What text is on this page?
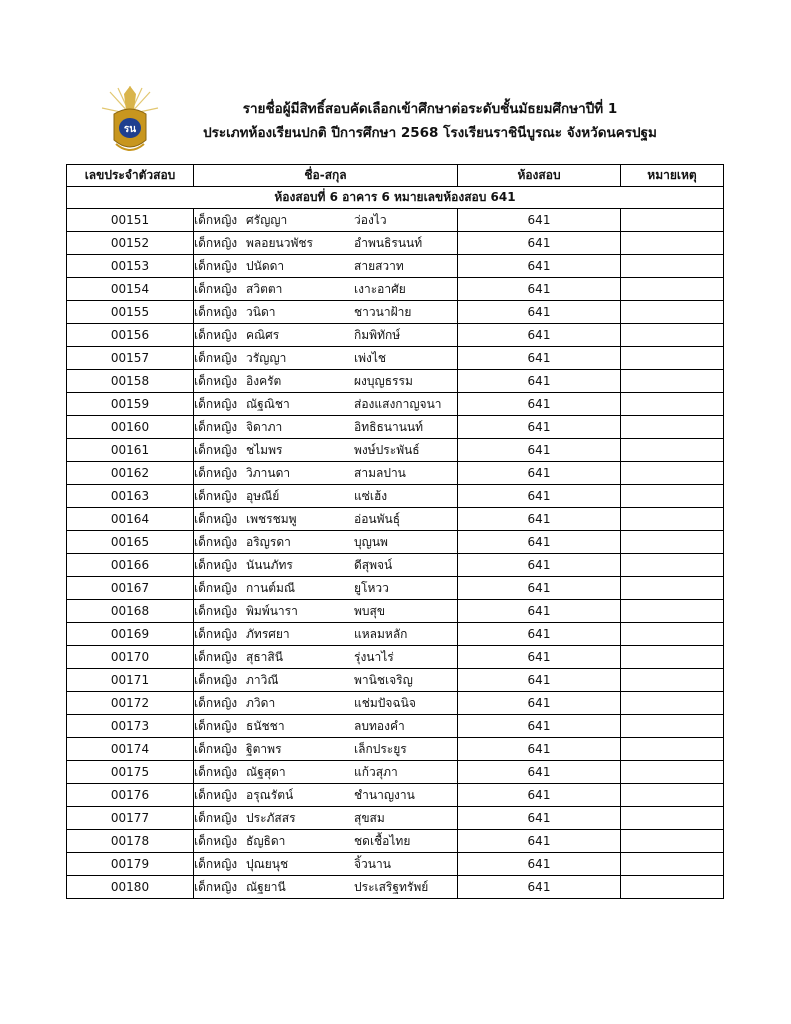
รน
รายชื่อผู้มีสิทธิ์สอบคัดเลือกเข้าศึกษาต่อระดับชั้นมัธยมศึกษาปีที่ 1
ประเภทห้องเรียนปกติ ปีการศึกษา 2568 โรงเรียนราชินีบูรณะ จังหวัดนครปฐม
เลขประจำตัวสอบ	ชื่อ-สกุล	ห้องสอบ	หมายเหตุ
ห้องสอบที่ 6 อาคาร 6 หมายเลขห้องสอบ 641			
00151	เด็กหญิง ศรัญญา ว่องไว	641	
00152	เด็กหญิง พลอยนวพัชร อำพนธิรนนท์	641	
00153	เด็กหญิง ปนัดดา สายสวาท	641	
00154	เด็กหญิง สวิตตา เงาะอาศัย	641	
00155	เด็กหญิง วนิดา ชาวนาฝ้าย	641	
00156	เด็กหญิง คณิศร กิมพิทักษ์	641	
00157	เด็กหญิง วรัญญา เพ่งไช	641	
00158	เด็กหญิง อิงครัต ผงบุญธรรม	641	
00159	เด็กหญิง ณัฐณิชา ส่องแสงกาญจนา	641	
00160	เด็กหญิง จิดาภา อิทธิธนานนท์	641	
00161	เด็กหญิง ชไมพร พงษ์ประพันธ์	641	
00162	เด็กหญิง วิภานดา สามลปาน	641	
00163	เด็กหญิง อุษณีย์ แซ่เฮ้ง	641	
00164	เด็กหญิง เพชรชมพู อ่อนพันธุ์	641	
00165	เด็กหญิง อริญรดา บุญนพ	641	
00166	เด็กหญิง นันนภัทร ดีสุพจน์	641	
00167	เด็กหญิง กานต์มณี ยูโหวว	641	
00168	เด็กหญิง พิมพ์นารา พบสุข	641	
00169	เด็กหญิง ภัทรศยา แหลมหลัก	641	
00170	เด็กหญิง สุธาสินี รุ่งนาไร่	641	
00171	เด็กหญิง ภาวิณี พานิชเจริญ	641	
00172	เด็กหญิง ภวิดา แช่มปัจฉนิจ	641	
00173	เด็กหญิง ธนัชชา ลบทองคำ	641	
00174	เด็กหญิง ฐิตาพร เล็กประยูร	641	
00175	เด็กหญิง ณัฐสุดา แก้วสุภา	641	
00176	เด็กหญิง อรุณรัตน์ ชำนาญงาน	641	
00177	เด็กหญิง ประภัสสร สุขสม	641	
00178	เด็กหญิง ธัญธิดา ชดเชื้อไทย	641	
00179	เด็กหญิง ปุณยนุช จิ้วนาน	641	
00180	เด็กหญิง ณัฐยานี ประเสริฐทรัพย์	641	
